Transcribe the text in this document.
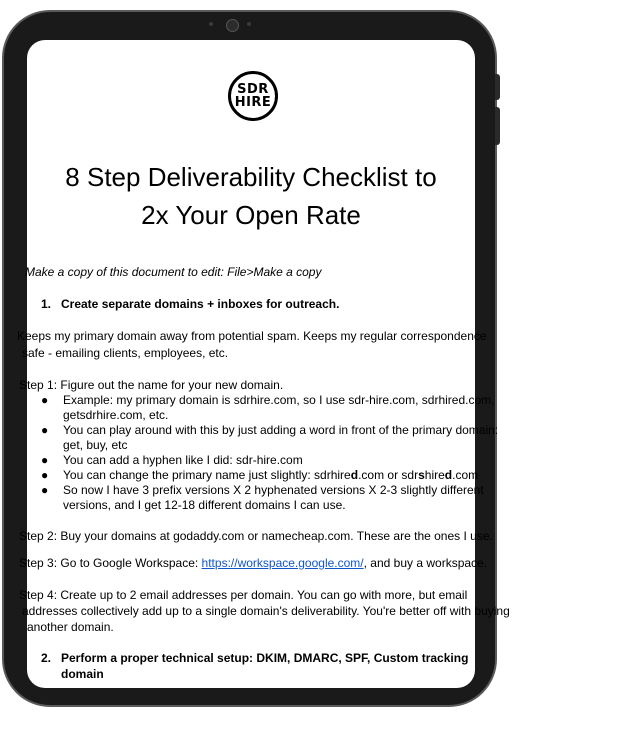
SDR
HIRE
8 Step Deliverability Checklist to
2x Your Open Rate
Make a copy of this document to edit: File>Make a copy
1. Create separate domains + inboxes for outreach.
Keeps my primary domain away from potential spam. Keeps my regular correspondence
safe - emailing clients, employees, etc.
Step 1: Figure out the name for your new domain.
● Example: my primary domain is sdrhire.com, so I use sdr-hire.com, sdrhired.com,
getsdrhire.com, etc.
● You can play around with this by just adding a word in front of the primary domain:
get, buy, etc
● You can add a hyphen like I did: sdr-hire.com
● You can change the primary name just slightly: sdrhired.com or sdrshired.com
● So now I have 3 prefix versions X 2 hyphenated versions X 2-3 slightly different
versions, and I get 12-18 different domains I can use.
Step 2: Buy your domains at godaddy.com or namecheap.com. These are the ones I use.
Step 3: Go to Google Workspace: https://workspace.google.com/, and buy a workspace.
Step 4: Create up to 2 email addresses per domain. You can go with more, but email
addresses collectively add up to a single domain's deliverability. You're better off with buying
another domain.
2. Perform a proper technical setup: DKIM, DMARC, SPF, Custom tracking
domain
